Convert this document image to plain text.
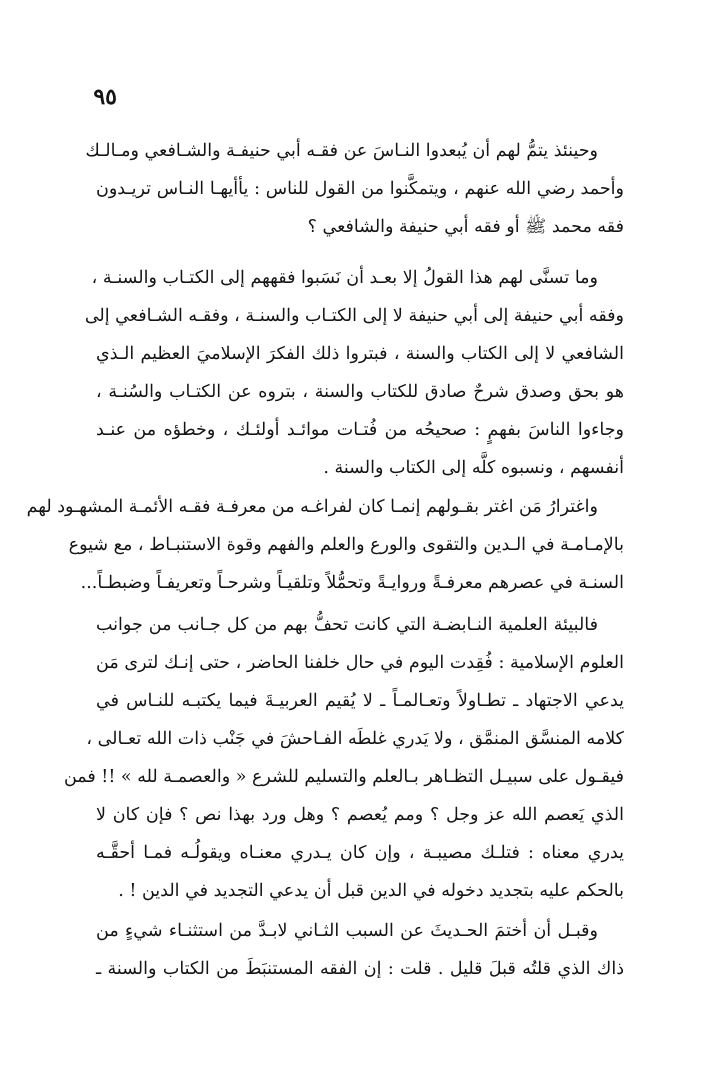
٩٥
وحينئذ يتمُّ لهم أن يُبعدوا النـاسَ عن فقـه أبي حنيفـة والشـافعي ومـالـك
وأحمد رضي الله عنهم ، ويتمكَّنوا من القول للناس : يأأيهـا النـاس تريـدون
فقه محمد ﷺ أو فقه أبي حنيفة والشافعي ؟
وما تسنَّى لهم هذا القولُ إلا بعـد أن نَسَبوا فقههم إلى الكتـاب والسنـة ،
وفقه أبي حنيفة إلى أبي حنيفة لا إلى الكتـاب والسنـة ، وفقـه الشـافعي إلى
الشافعي لا إلى الكتاب والسنة ، فبتروا ذلك الفكرَ الإسلاميَ العظيم الـذي
هو بحق وصدق شرحٌ صادق للكتاب والسنة ، بتروه عن الكتـاب والسُنـة ،
وجاءوا الناسَ بفهمٍ : صحيحُه من فُتـات موائـد أولئـك ، وخطؤه من عنـد
أنفسهم ، ونسبوه كلَّه إلى الكتاب والسنة .
واغترارُ مَن اغتر بقـولهم إنمـا كان لفراغـه من معرفـة فقـه الأئمـة المشهـود لهم
بالإمـامـة في الـدين والتقوى والورع والعلم والفهم وقوة الاستنبـاط ، مع شيوع
السنـة في عصرهم معرفـةً وروايـةً وتحمُّلاً وتلقيـاً وشرحـاً وتعريفـاً وضبطـاً...
فالبيئة العلمية النـابضـة التي كانت تحفُّ بهم من كل جـانب من جوانب
العلوم الإسلامية : فُقِدت اليوم في حال خلفنا الحاضر ، حتى إنـك لترى مَن
يدعي الاجتهاد ـ تطـاولاً وتعـالمـاً ـ لا يُقيم العربيـةَ فيما يكتبـه للنـاس في
كلامه المنسَّق المنمَّق ، ولا يَدري غلطَه الفـاحشَ في جَنْب ذات الله تعـالى ،
فيقـول على سبيـل التظـاهر بـالعلم والتسليم للشرع « والعصمـة لله » !! فمن
الذي يَعصم الله عز وجل ؟ ومم يُعصم ؟ وهل ورد بهذا نص ؟ فإن كان لا
يدري معناه : فتلـك مصيبـة ، وإن كان يـدري معنـاه ويقولُـه فمـا أحقَّـه
بالحكم عليه بتجديد دخوله في الدين قبل أن يدعي التجديد في الدين ! .
وقبـل أن أختمَ الحـديثَ عن السبب الثـاني لابـدَّ من استثنـاء شيءٍ من
ذاك الذي قلتُه قبلَ قليل . قلت : إن الفقه المستنبَطَ من الكتاب والسنة ـ
